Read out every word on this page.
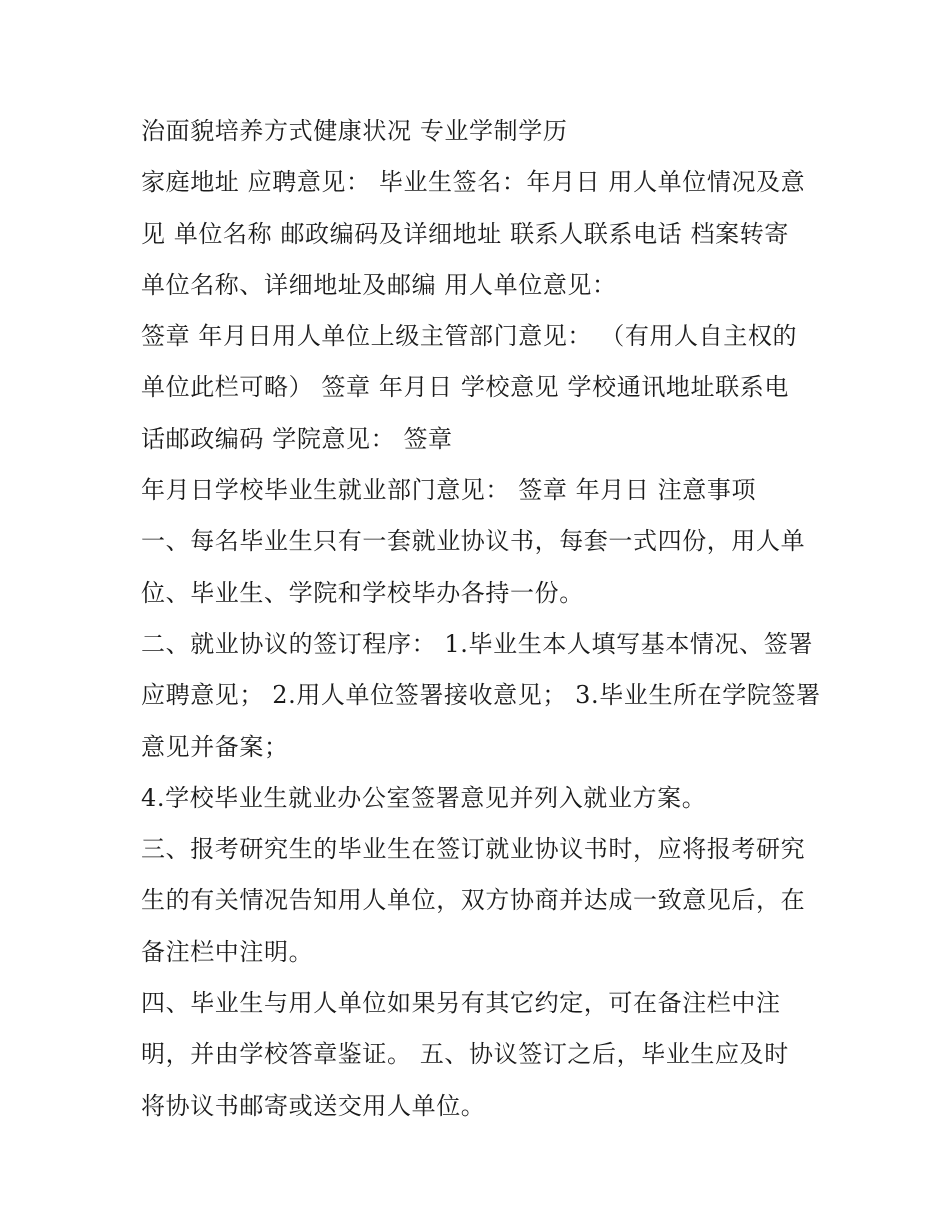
治面貌培养方式健康状况 专业学制学历

家庭地址 应聘意见： 毕业生签名：年月日 用人单位情况及意

见 单位名称 邮政编码及详细地址 联系人联系电话 档案转寄

单位名称、详细地址及邮编 用人单位意见：

签章 年月日用人单位上级主管部门意见： （有用人自主权的

单位此栏可略） 签章 年月日 学校意见 学校通讯地址联系电

话邮政编码 学院意见： 签章

年月日学校毕业生就业部门意见： 签章 年月日 注意事项

一、每名毕业生只有一套就业协议书，每套一式四份，用人单

位、毕业生、学院和学校毕办各持一份。

二、就业协议的签订程序： 1.毕业生本人填写基本情况、签署

应聘意见； 2.用人单位签署接收意见； 3.毕业生所在学院签署

意见并备案；

4.学校毕业生就业办公室签署意见并列入就业方案。

三、报考研究生的毕业生在签订就业协议书时，应将报考研究

生的有关情况告知用人单位，双方协商并达成一致意见后，在

备注栏中注明。

四、毕业生与用人单位如果另有其它约定，可在备注栏中注

明，并由学校答章鉴证。 五、协议签订之后，毕业生应及时

将协议书邮寄或送交用人单位。
